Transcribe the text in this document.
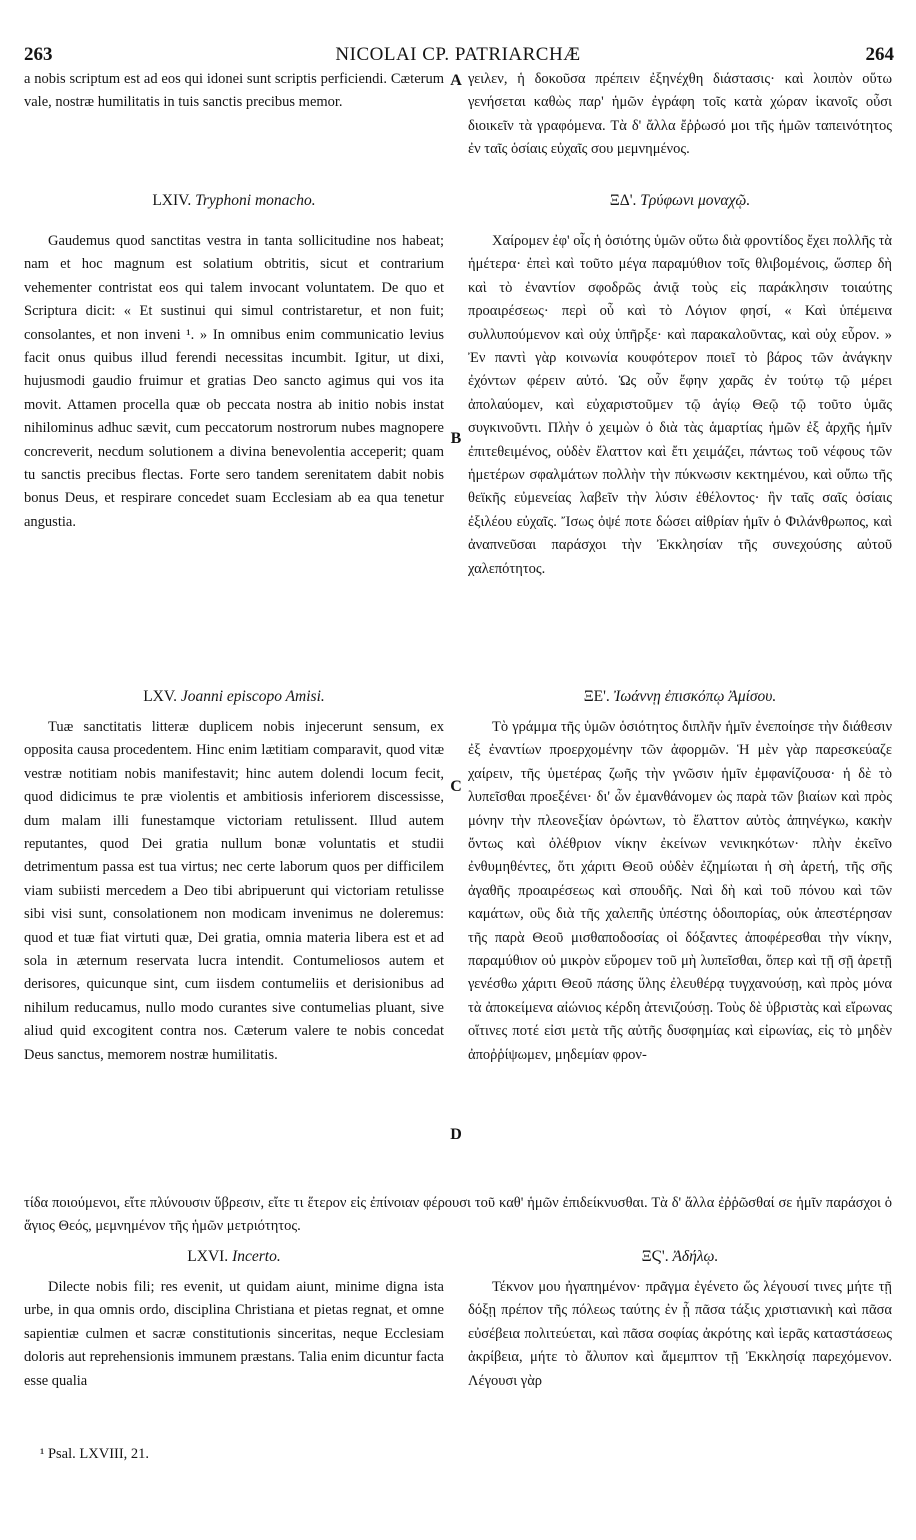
263	NICOLAI CP. PATRIARCHÆ	264

a nobis scriptum est ad eos qui idonei sunt scriptis perficiendi. Cæterum vale, nostræ humilitatis in tuis sanctis precibus memor.

γειλεν, ἡ δοκοῦσα πρέπειν ἐξηνέχθη διάστασις· καὶ λοιπὸν οὕτω γενήσεται καθὼς παρ' ἡμῶν ἐγράφη τοῖς κατὰ χώραν ἱκανοῖς οὖσι διοικεῖν τὰ γραφόμενα. Τὰ δ' ἄλλα ἔῤῥωσό μοι τῆς ἡμῶν ταπεινότητος ἐν ταῖς ὁσίαις εὐχαῖς σου μεμνημένος.

A
LXIV. Tryphoni monacho.	ΞΔ'. Τρύφωνι μοναχῷ.

Gaudemus quod sanctitas vestra in tanta sollicitudine nos habeat; nam et hoc magnum est solatium obtritis, sicut et contrarium vehementer contristat eos qui talem invocant voluntatem. De quo et Scriptura dicit: « Et sustinui qui simul contristaretur, et non fuit; consolantes, et non inveni ¹. » In omnibus enim communicatio levius facit onus quibus illud ferendi necessitas incumbit. Igitur, ut dixi, hujusmodi gaudio fruimur et gratias Deo sancto agimus qui vos ita movit. Attamen procella quæ ob peccata nostra ab initio nobis instat nihilominus adhuc sævit, cum peccatorum nostrorum nubes magnopere concreverit, necdum solutionem a divina benevolentia acceperit; quam tu sanctis precibus flectas. Forte sero tandem serenitatem dabit nobis bonus Deus, et respirare concedet suam Ecclesiam ab ea qua tenetur angustia.

Χαίρομεν ἐφ' οἷς ἡ ὁσιότης ὑμῶν οὕτω διὰ φροντίδος ἔχει πολλῆς τὰ ἡμέτερα· ἐπεὶ καὶ τοῦτο μέγα παραμύθιον τοῖς θλιβομένοις, ὥσπερ δὴ καὶ τὸ ἐναντίον σφοδρῶς ἀνιᾷ τοὺς εἰς παράκλησιν τοιαύτης προαιρέσεως· περὶ οὗ καὶ τὸ Λόγιον φησί, « Καὶ ὑπέμεινα συλλυπούμενον καὶ οὐχ ὑπῆρξε· καὶ παρακαλοῦντας, καὶ οὐχ εὗρον. » Ἐν παντὶ γὰρ κοινωνία κουφότερον ποιεῖ τὸ βάρος τῶν ἀνάγκην ἐχόντων φέρειν αὐτό. Ὡς οὖν ἔφην χαρᾶς ἐν τούτῳ τῷ μέρει ἀπολαύομεν, καὶ εὐχαριστοῦμεν τῷ ἁγίῳ Θεῷ τῷ τοῦτο ὑμᾶς συγκινοῦντι. Πλὴν ὁ χειμὼν ὁ διὰ τὰς ἁμαρτίας ἡμῶν ἐξ ἀρχῆς ἡμῖν ἐπιτεθειμένος, οὐδὲν ἔλαττον καὶ ἔτι χειμάζει, πάντως τοῦ νέφους τῶν ἡμετέρων σφαλμάτων πολλὴν τὴν πύκνωσιν κεκτημένου, καὶ οὔπω τῆς θεϊκῆς εὐμενείας λαβεῖν τὴν λύσιν ἐθέλοντος· ἣν ταῖς σαῖς ὁσίαις ἐξιλέου εὐχαῖς. Ἴσως ὀψέ ποτε δώσει αἰθρίαν ἡμῖν ὁ Φιλάνθρωπος, καὶ ἀναπνεῦσαι παράσχοι τὴν Ἐκκλησίαν τῆς συνεχούσης αὐτοῦ χαλεπότητος.

B
LXV. Joanni episcopo Amisi.	ΞΕ'. Ἰωάννῃ ἐπισκόπῳ Ἀμίσου.

Tuæ sanctitatis litteræ duplicem nobis injecerunt sensum, ex opposita causa procedentem. Hinc enim lætitiam comparavit, quod vitæ vestræ notitiam nobis manifestavit; hinc autem dolendi locum fecit, quod didicimus te præ violentis et ambitiosis inferiorem discessisse, dum malam illi funestamque victoriam retulissent. Illud autem reputantes, quod Dei gratia nullum bonæ voluntatis et studii detrimentum passa est tua virtus; nec certe laborum quos per difficilem viam subiisti mercedem a Deo tibi abripuerunt qui victoriam retulisse sibi visi sunt, consolationem non modicam invenimus ne doleremus: quod et tuæ fiat virtuti quæ, Dei gratia, omnia materia libera est et ad sola in æternum reservata lucra intendit. Contumeliosos autem et derisores, quicunque sint, cum iisdem contumeliis et derisionibus ad nihilum reducamus, nullo modo curantes sive contumelias pluant, sive aliud quid excogitent contra nos. Cæterum valere te nobis concedat Deus sanctus, memorem nostræ humilitatis.

Τὸ γράμμα τῆς ὑμῶν ὁσιότητος διπλῆν ἡμῖν ἐνεποίησε τὴν διάθεσιν ἐξ ἐναντίων προερχομένην τῶν ἀφορμῶν. Ἡ μὲν γὰρ παρεσκεύαζε χαίρειν, τῆς ὑμετέρας ζωῆς τὴν γνῶσιν ἡμῖν ἐμφανίζουσα· ἡ δὲ τὸ λυπεῖσθαι προεξένει· δι' ὧν ἐμανθάνομεν ὡς παρὰ τῶν βιαίων καὶ πρὸς μόνην τὴν πλεονεξίαν ὁρώντων, τὸ ἔλαττον αὐτὸς ἀπηνέγκω, κακὴν ὄντως καὶ ὀλέθριον νίκην ἐκείνων νενικηκότων· πλὴν ἐκεῖνο ἐνθυμηθέντες, ὅτι χάριτι Θεοῦ οὐδὲν ἐζημίωται ἡ σὴ ἀρετή, τῆς σῆς ἀγαθῆς προαιρέσεως καὶ σπουδῆς. Ναὶ δὴ καὶ τοῦ πόνου καὶ τῶν καμάτων, οὓς διὰ τῆς χαλεπῆς ὑπέστης ὁδοιπορίας, οὐκ ἀπεστέρησαν τῆς παρὰ Θεοῦ μισθαποδοσίας οἱ δόξαντες ἀποφέρεσθαι τὴν νίκην, παραμύθιον οὐ μικρὸν εὕρομεν τοῦ μὴ λυπεῖσθαι, ὅπερ καὶ τῇ σῇ ἀρετῇ γενέσθω χάριτι Θεοῦ πάσης ὕλης ἐλευθέρᾳ τυγχανούσῃ, καὶ πρὸς μόνα τὰ ἀποκείμενα αἰώνιος κέρδη ἀτενιζούσῃ. Τοὺς δὲ ὑβριστὰς καὶ εἴρωνας οἵτινες ποτέ εἰσι μετὰ τῆς αὐτῆς δυσφημίας καὶ εἰρωνίας, εἰς τὸ μηδὲν ἀποῤῥίψωμεν, μηδεμίαν φρον-

C
D
τίδα ποιούμενοι, εἴτε πλύνουσιν ὕβρεσιν, εἴτε τι ἕτερον εἰς ἐπίνοιαν φέρουσι τοῦ καθ' ἡμῶν ἐπιδείκνυσθαι. Τὰ δ' ἄλλα ἐῤῥῶσθαί σε ἡμῖν παράσχοι ὁ ἅγιος Θεός, μεμνημένον τῆς ἡμῶν μετριότητος.
LXVI. Incerto.	ΞϚ'. Ἀδήλῳ.

Dilecte nobis fili; res evenit, ut quidam aiunt, minime digna ista urbe, in qua omnis ordo, disciplina Christiana et pietas regnat, et omne sapientiæ culmen et sacræ constitutionis sinceritas, neque Ecclesiam doloris aut reprehensionis immunem præstans. Talia enim dicuntur facta esse qualia

Τέκνον μου ἠγαπημένον· πρᾶγμα ἐγένετο ὥς λέγουσί τινες μήτε τῇ δόξῃ πρέπον τῆς πόλεως ταύτης ἐν ᾗ πᾶσα τάξις χριστιανικὴ καὶ πᾶσα εὐσέβεια πολιτεύεται, καὶ πᾶσα σοφίας ἀκρότης καὶ ἱερᾶς καταστάσεως ἀκρίβεια, μήτε τὸ ἄλυπον καὶ ἄμεμπτον τῇ Ἐκκλησίᾳ παρεχόμενον. Λέγουσι γὰρ

¹ Psal. LXVIII, 21.
